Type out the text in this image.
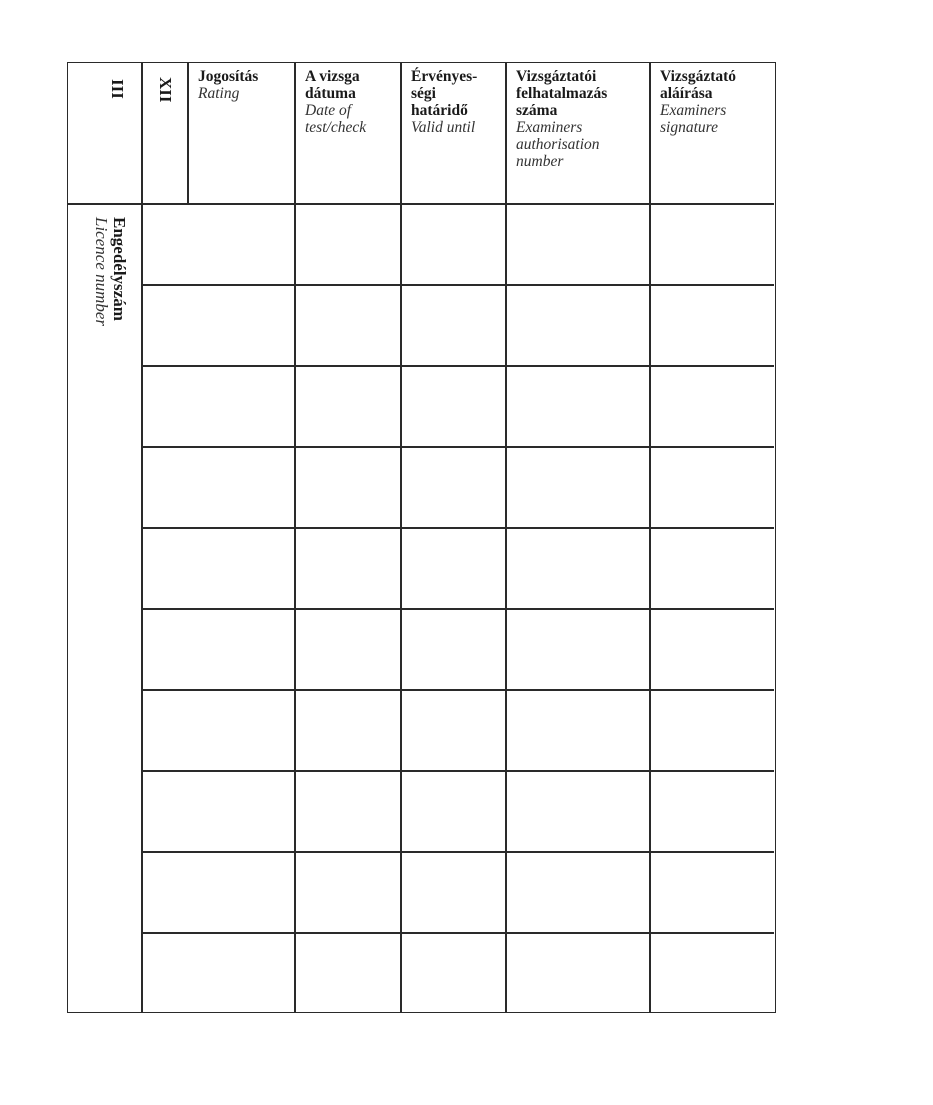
III XII
Engedélyszám
Licence number
Jogosítás
Rating
A vizsga
dátuma
Date of
test/check
Érvényes-
ségi
határidő
Valid until
Vizsgáztatói
felhatalmazás
száma
Examiners
authorisation
number
Vizsgáztató
aláírása
Examiners
signature
